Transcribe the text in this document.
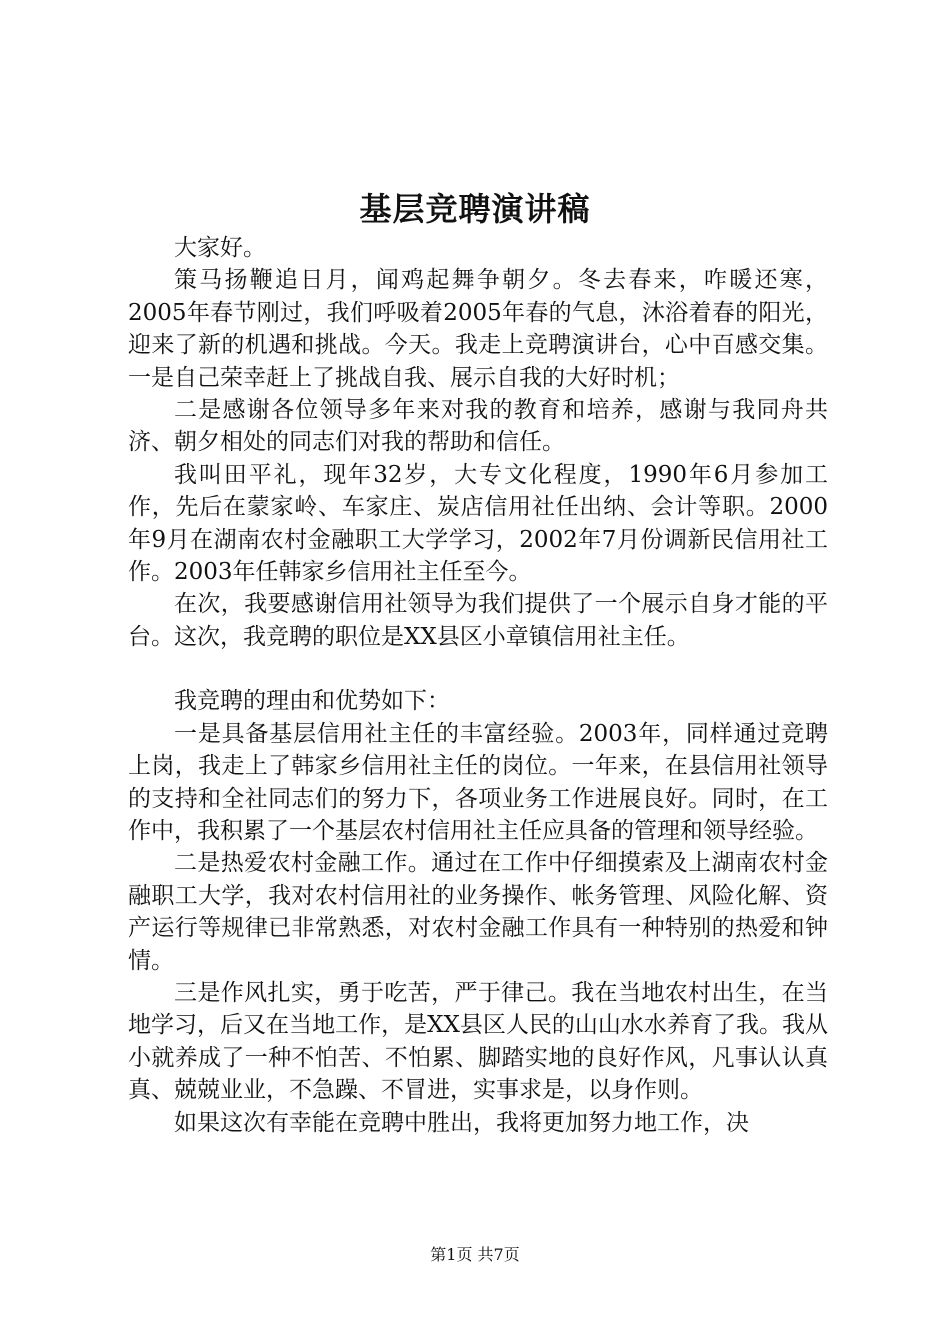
基层竞聘演讲稿

大家好。

策马扬鞭追日月，闻鸡起舞争朝夕。冬去春来，咋暖还寒，2005年春节刚过，我们呼吸着2005年春的气息，沐浴着春的阳光，迎来了新的机遇和挑战。今天。我走上竞聘演讲台，心中百感交集。一是自己荣幸赶上了挑战自我、展示自我的大好时机；

二是感谢各位领导多年来对我的教育和培养，感谢与我同舟共济、朝夕相处的同志们对我的帮助和信任。

我叫田平礼，现年32岁，大专文化程度，1990年6月参加工作，先后在蒙家岭、车家庄、炭店信用社任出纳、会计等职。2000年9月在湖南农村金融职工大学学习，2002年7月份调新民信用社工作。2003年任韩家乡信用社主任至今。

在次，我要感谢信用社领导为我们提供了一个展示自身才能的平台。这次，我竞聘的职位是XX县区小章镇信用社主任。

我竞聘的理由和优势如下：

一是具备基层信用社主任的丰富经验。2003年，同样通过竞聘上岗，我走上了韩家乡信用社主任的岗位。一年来，在县信用社领导的支持和全社同志们的努力下，各项业务工作进展良好。同时，在工作中，我积累了一个基层农村信用社主任应具备的管理和领导经验。

二是热爱农村金融工作。通过在工作中仔细摸索及上湖南农村金融职工大学，我对农村信用社的业务操作、帐务管理、风险化解、资产运行等规律已非常熟悉，对农村金融工作具有一种特别的热爱和钟情。

三是作风扎实，勇于吃苦，严于律己。我在当地农村出生，在当地学习，后又在当地工作，是XX县区人民的山山水水养育了我。我从小就养成了一种不怕苦、不怕累、脚踏实地的良好作风，凡事认认真真、兢兢业业，不急躁、不冒进，实事求是，以身作则。

如果这次有幸能在竞聘中胜出，我将更加努力地工作，决

第1页 共7页
